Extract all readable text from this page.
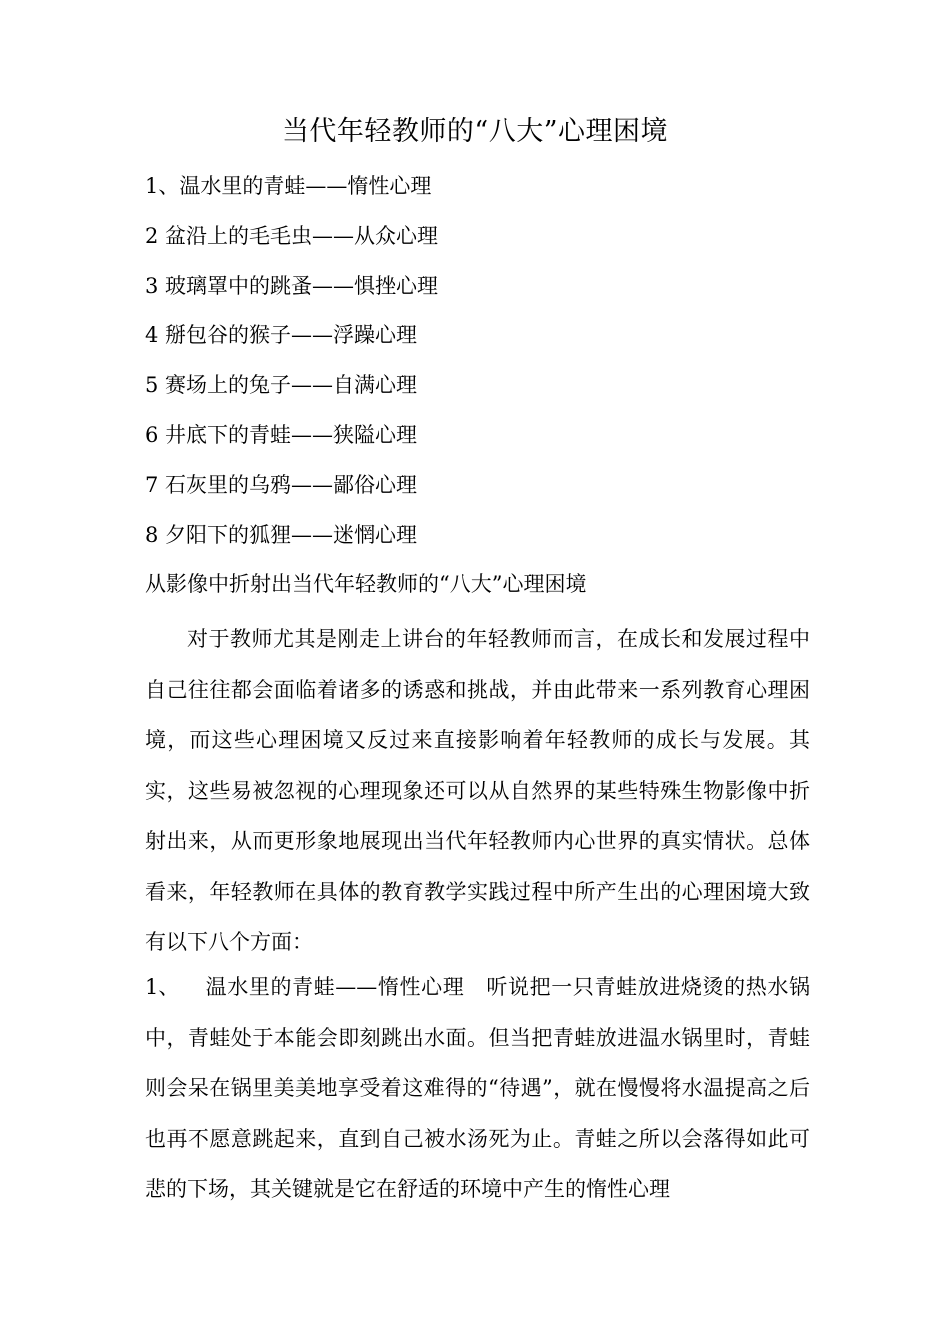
当代年轻教师的“八大”心理困境
1、温水里的青蛙——惰性心理
2 盆沿上的毛毛虫——从众心理
3 玻璃罩中的跳蚤——惧挫心理
4 掰包谷的猴子——浮躁心理
5 赛场上的兔子——自满心理
6 井底下的青蛙——狭隘心理
7 石灰里的乌鸦——鄙俗心理
8 夕阳下的狐狸——迷惘心理
从影像中折射出当代年轻教师的“八大”心理困境

对于教师尤其是刚走上讲台的年轻教师而言，在成长和发展过程中自己往往都会面临着诸多的诱惑和挑战，并由此带来一系列教育心理困境，而这些心理困境又反过来直接影响着年轻教师的成长与发展。其实，这些易被忽视的心理现象还可以从自然界的某些特殊生物影像中折射出来，从而更形象地展现出当代年轻教师内心世界的真实情状。总体看来，年轻教师在具体的教育教学实践过程中所产生出的心理困境大致有以下八个方面：

1、 温水里的青蛙——惰性心理 听说把一只青蛙放进烧烫的热水锅中，青蛙处于本能会即刻跳出水面。但当把青蛙放进温水锅里时，青蛙则会呆在锅里美美地享受着这难得的“待遇”，就在慢慢将水温提高之后也再不愿意跳起来，直到自己被水汤死为止。青蛙之所以会落得如此可悲的下场，其关键就是它在舒适的环境中产生的惰性心理
